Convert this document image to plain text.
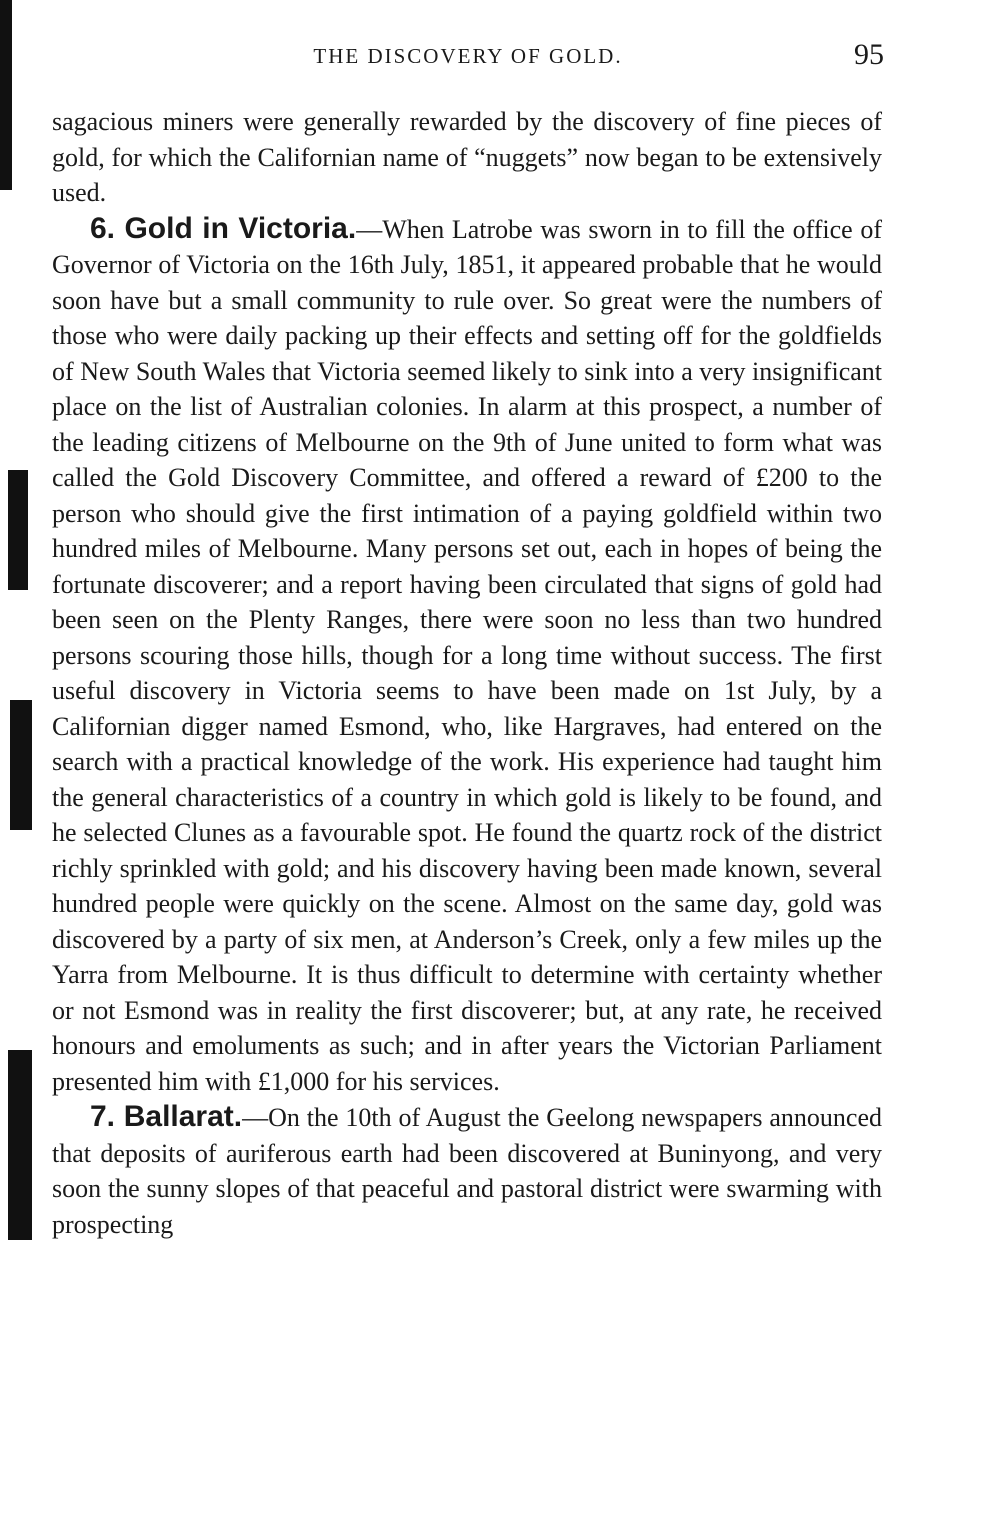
THE DISCOVERY OF GOLD.	95

sagacious miners were generally rewarded by the discovery of fine pieces of gold, for which the Californian name of “nuggets” now began to be extensively used.

6. Gold in Victoria.—When Latrobe was sworn in to fill the office of Governor of Victoria on the 16th July, 1851, it appeared probable that he would soon have but a small community to rule over. So great were the numbers of those who were daily packing up their effects and setting off for the goldfields of New South Wales that Victoria seemed likely to sink into a very insignificant place on the list of Australian colonies. In alarm at this prospect, a number of the leading citizens of Melbourne on the 9th of June united to form what was called the Gold Discovery Committee, and offered a reward of £200 to the person who should give the first intimation of a paying goldfield within two hundred miles of Melbourne. Many persons set out, each in hopes of being the fortunate discoverer; and a report having been circulated that signs of gold had been seen on the Plenty Ranges, there were soon no less than two hundred persons scouring those hills, though for a long time without success. The first useful discovery in Victoria seems to have been made on 1st July, by a Californian digger named Esmond, who, like Hargraves, had entered on the search with a practical knowledge of the work. His experience had taught him the general characteristics of a country in which gold is likely to be found, and he selected Clunes as a favourable spot. He found the quartz rock of the district richly sprinkled with gold; and his discovery having been made known, several hundred people were quickly on the scene. Almost on the same day, gold was discovered by a party of six men, at Anderson’s Creek, only a few miles up the Yarra from Melbourne. It is thus difficult to determine with certainty whether or not Esmond was in reality the first discoverer; but, at any rate, he received honours and emoluments as such; and in after years the Victorian Parliament presented him with £1,000 for his services.

7. Ballarat.—On the 10th of August the Geelong newspapers announced that deposits of auriferous earth had been discovered at Buninyong, and very soon the sunny slopes of that peaceful and pastoral district were swarming with prospecting
